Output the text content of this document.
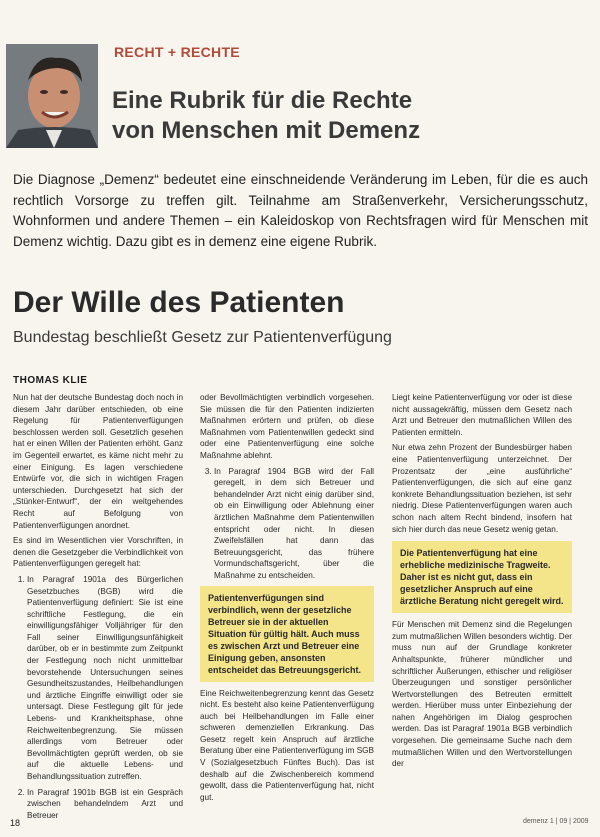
RECHT + RECHTE
Eine Rubrik für die Rechte
von Menschen mit Demenz
Die Diagnose „Demenz“ bedeutet eine einschneidende Veränderung im Leben, für die es auch rechtlich Vorsorge zu treffen gilt. Teilnahme am Straßenverkehr, Versicherungsschutz, Wohnformen und andere Themen – ein Kaleidoskop von Rechtsfragen wird für Menschen mit Demenz wichtig. Dazu gibt es in demenz eine eigene Rubrik.
Der Wille des Patienten
Bundestag beschließt Gesetz zur Patientenverfügung
THOMAS KLIE

Nun hat der deutsche Bundestag doch noch in diesem Jahr darüber entschieden, ob eine Regelung für Patientenverfügungen beschlossen werden soll. Gesetzlich gesehen hat er einen Willen der Patienten erhöht. Ganz im Gegenteil erwartet, es käme nicht mehr zu einer Einigung. Es lagen verschiedene Entwürfe vor, die sich in wichtigen Fragen unterschieden. Durchgesetzt hat sich der „Stünker-Entwurf“, der ein weitgehendes Recht auf Befolgung von Patientenverfügungen anordnet.

Es sind im Wesentlichen vier Vorschriften, in denen die Gesetzgeber die Verbindlichkeit von Patientenverfügungen geregelt hat:

1. In Paragraf 1901a des Bürgerlichen Gesetzbuches (BGB) wird die Patientenverfügung definiert: Sie ist eine schriftliche Festlegung, die ein einwilligungsfähiger Volljähriger für den Fall seiner Einwilligungsunfähigkeit darüber, ob er in bestimmte zum Zeitpunkt der Festlegung noch nicht unmittelbar bevorstehende Untersuchungen seines Gesundheitszustandes, Heilbehandlungen und ärztliche Eingriffe einwilligt oder sie untersagt. Diese Festlegung gilt für jede Lebens- und Krankheitsphase, ohne Reichweitenbegrenzung. Sie müssen allerdings vom Betreuer oder Bevollmächtigten geprüft werden, ob sie auf die aktuelle Lebens- und Behandlungssituation zutreffen.
2. In Paragraf 1901b BGB ist ein Gespräch zwischen behandelndem Arzt und Betreuer

oder Bevollmächtigten verbindlich vorgesehen. Sie müssen die für den Patienten indizierten Maßnahmen erörtern und prüfen, ob diese Maßnahmen vom Patientenwillen gedeckt sind oder eine Patientenverfügung eine solche Maßnahme ablehnt.

3. In Paragraf 1904 BGB wird der Fall geregelt, in dem sich Betreuer und behandelnder Arzt nicht einig darüber sind, ob ein Einwilligung oder Ablehnung einer ärztlichen Maßnahme dem Patientenwillen entspricht oder nicht. In diesen Zweifelsfällen hat dann das Betreuungsgericht, das frühere Vormundschaftsgericht, über die Maßnahme zu entscheiden.
Patientenverfügungen sind verbindlich, wenn der gesetzliche Betreuer sie in der aktuellen Situation für gültig hält. Auch muss es zwischen Arzt und Betreuer eine Einigung geben, ansonsten entscheidet das Betreuungsgericht.

Eine Reichweitenbegrenzung kennt das Gesetz nicht. Es besteht also keine Patientenverfügung auch bei Heilbehandlungen im Falle einer schweren demenziellen Erkrankung. Das Gesetz regelt kein Anspruch auf ärztliche Beratung über eine Patientenverfügung im SGB V (Sozialgesetzbuch Fünftes Buch). Das ist deshalb auf die Zwischenbereich kommend gewollt, dass die Patientenverfügung hat, nicht gut.

Liegt keine Patientenverfügung vor oder ist diese nicht aussagekräftig, müssen dem Gesetz nach Arzt und Betreuer den mutmaßlichen Willen des Patienten ermitteln.

Nur etwa zehn Prozent der Bundesbürger haben eine Patientenverfügung unterzeichnet. Der Prozentsatz der „eine ausführliche“ Patientenverfügungen, die sich auf eine ganz konkrete Behandlungssituation beziehen, ist sehr niedrig. Diese Patientenverfügungen waren auch schon nach altem Recht bindend, insofern hat sich hier durch das neue Gesetz wenig getan.

Die Patientenverfügung hat eine erhebliche medizinische Tragweite. Daher ist es nicht gut, dass ein gesetzlicher Anspruch auf eine ärztliche Beratung nicht geregelt wird.

Für Menschen mit Demenz sind die Regelungen zum mutmaßlichen Willen besonders wichtig. Der muss nun auf der Grundlage konkreter Anhaltspunkte, früherer mündlicher und schriftlicher Äußerungen, ethischer und religiöser Überzeugungen und sonstiger persönlicher Wertvorstellungen des Betreuten ermittelt werden. Hierüber muss unter Einbeziehung der nahen Angehörigen im Dialog gesprochen werden. Das ist Paragraf 1901a BGB verbindlich vorgesehen. Die gemeinsame Suche nach dem mutmaßlichen Willen und den Wertvorstellungen der

18	demenz 1 | 09 | 2009
